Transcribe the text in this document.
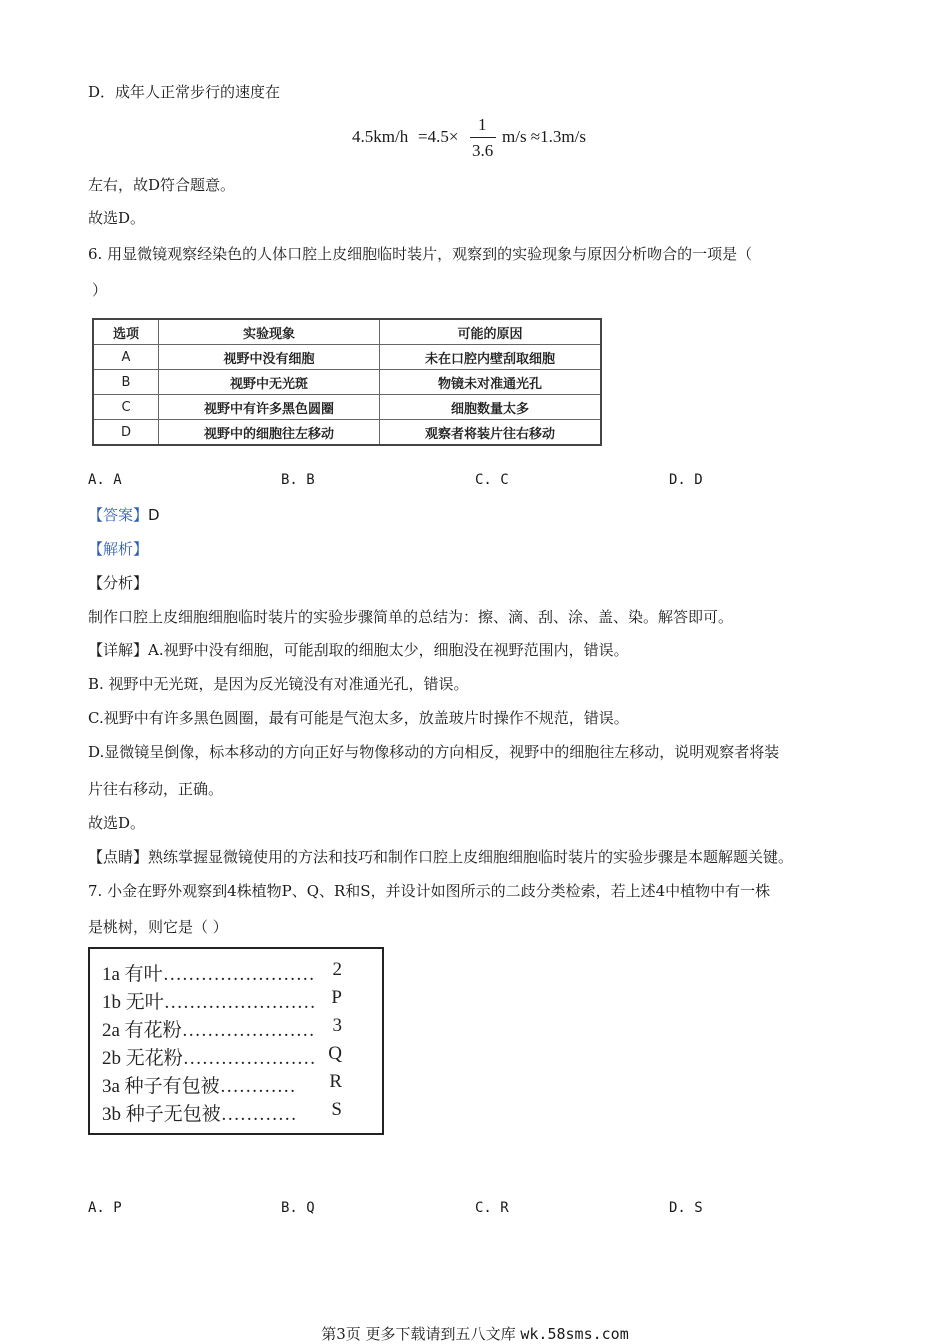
D．成年人正常步行的速度在
4.5km/h =4.5×
1
3.6
m/s ≈1.3m/s
左右，故D符合题意。
故选D。
6. 用显微镜观察经染色的人体口腔上皮细胞临时装片，观察到的实验现象与原因分析吻合的一项是（
）
选项	实验现象	可能的原因
A	视野中没有细胞	未在口腔内壁刮取细胞
B	视野中无光斑	物镜未对准通光孔
C	视野中有许多黑色圆圈	细胞数量太多
D	视野中的细胞往左移动	观察者将装片往右移动
A. A	B. B	C. C	D. D
【答案】D
【解析】
【分析】
制作口腔上皮细胞细胞临时装片的实验步骤简单的总结为：擦、滴、刮、涂、盖、染。解答即可。
【详解】A.视野中没有细胞，可能刮取的细胞太少，细胞没在视野范围内，错误。
B. 视野中无光斑，是因为反光镜没有对准通光孔，错误。
C.视野中有许多黑色圆圈，最有可能是气泡太多，放盖玻片时操作不规范，错误。
D.显微镜呈倒像，标本移动的方向正好与物像移动的方向相反，视野中的细胞往左移动，说明观察者将装
片往右移动，正确。
故选D。
【点睛】熟练掌握显微镜使用的方法和技巧和制作口腔上皮细胞细胞临时装片的实验步骤是本题解题关键。
7. 小金在野外观察到4株植物P、Q、R和S，并设计如图所示的二歧分类检索，若上述4中植物中有一株
是桃树，则它是（ ）
1a 有叶…………………… 2
1b 无叶…………………… P
2a 有花粉………………… 3
2b 无花粉………………… Q
3a 种子有包被………… R
3b 种子无包被………… S
A. P	B. Q	C. R	D. S
第3页 更多下载请到五八文库 wk.58sms.com
